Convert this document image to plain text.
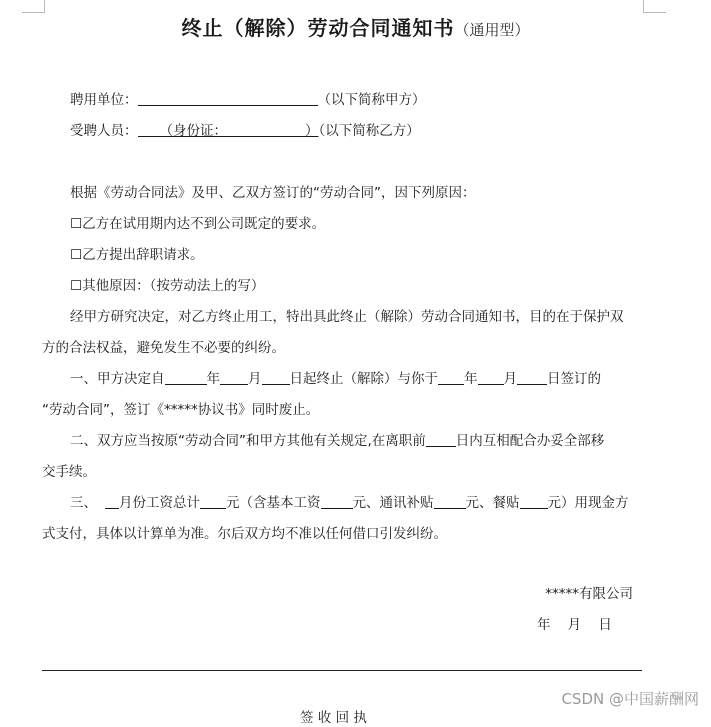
终止（解除）劳动合同通知书（通用型）
聘用单位：	（以下简称甲方）
受聘人员： （身份证：	）（以下简称乙方）
根据《劳动合同法》及甲、乙双方签订的“劳动合同”，因下列原因：
☐乙方在试用期内达不到公司既定的要求。
☐乙方提出辞职请求。
☐其他原因：（按劳动法上的写）
经甲方研究决定，对乙方终止用工，特出具此终止（解除）劳动合同通知书，目的在于保护双
方的合法权益，避免发生不必要的纠纷。
一、甲方决定自	年 月 日起终止（解除）与你于 年 月 日签订的
“劳动合同”，签订《*****协议书》同时废止。
二、双方应当按原“劳动合同”和甲方其他有关规定,在离职前 日内互相配合办妥全部移
交手续。
三、 月份工资总计 元（含基本工资 元、通讯补贴 元、餐贴 元）用现金方
式支付，具体以计算单为准。尔后双方均不准以任何借口引发纠纷。
*****有限公司
年    月    日
签 收 回 执
CSDN @中国薪酬网
